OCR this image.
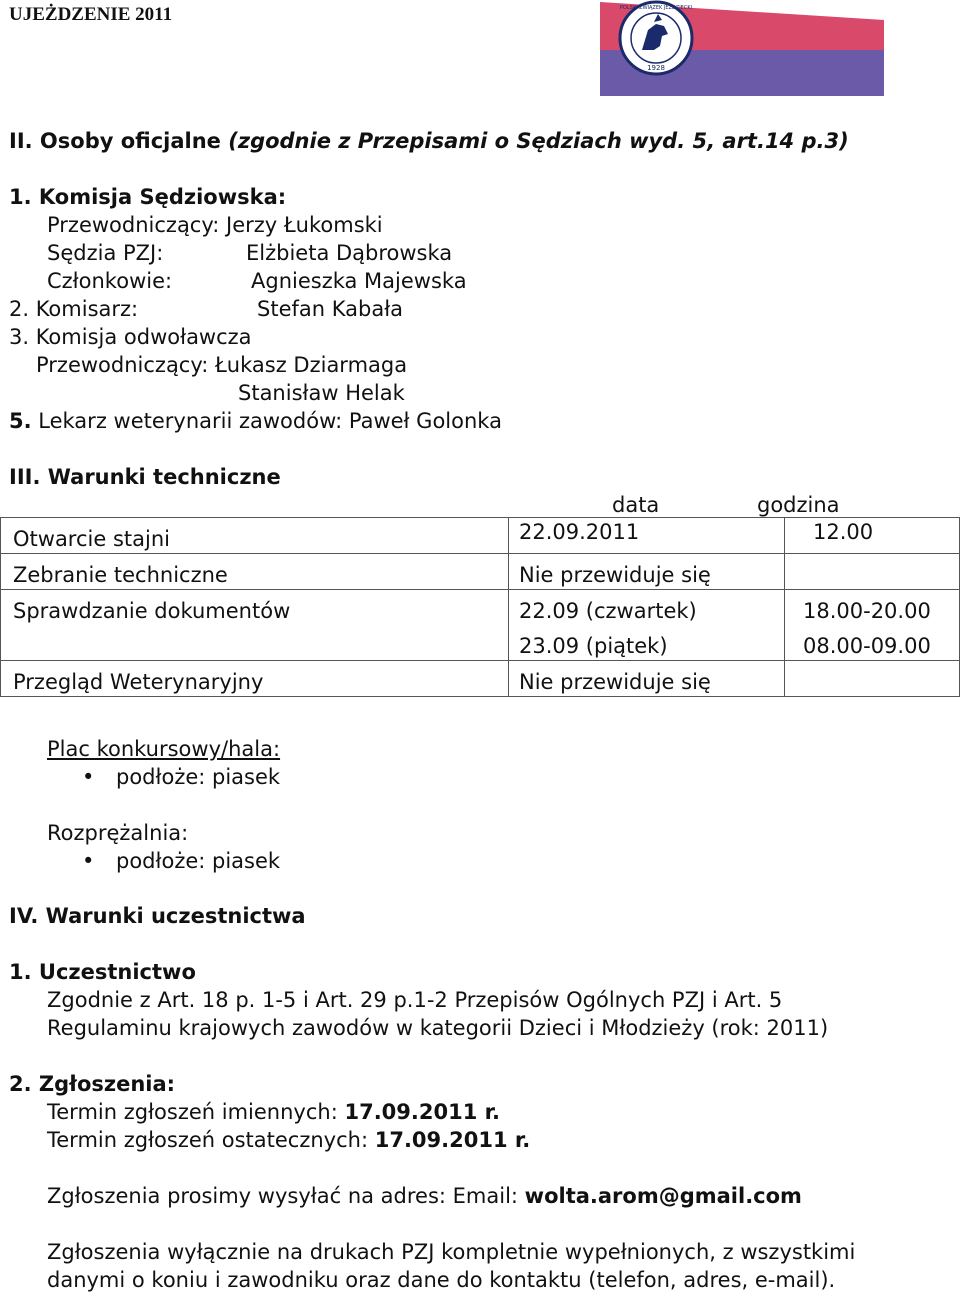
UJEŻDZENIE 2011
1928
POLSKI ZWIĄZEK JEŹDZIECKI
II. Osoby oficjalne (zgodnie z Przepisami o Sędziach wyd. 5, art.14 p.3)
1. Komisja Sędziowska:
Przewodniczący: Jerzy Łukomski
Sędzia PZJ:	Elżbieta Dąbrowska
Członkowie:	Agnieszka Majewska
2. Komisarz:	Stefan Kabała
3. Komisja odwoławcza
Przewodniczący: Łukasz Dziarmaga
Stanisław Helak
5. Lekarz weterynarii zawodów: Paweł Golonka
III. Warunki techniczne
data	godzina
Otwarcie stajni	22.09.2011	12.00
Zebranie techniczne	Nie przewiduje się	
Sprawdzanie dokumentów	22.09 (czwartek)	18.00-20.00
	23.09 (piątek)	08.00-09.00
Przegląd Weterynaryjny	Nie przewiduje się	
Plac konkursowy/hala:
• podłoże: piasek
Rozprężalnia:
• podłoże: piasek
IV. Warunki uczestnictwa
1. Uczestnictwo
Zgodnie z Art. 18 p. 1-5 i Art. 29 p.1-2 Przepisów Ogólnych PZJ i Art. 5
Regulaminu krajowych zawodów w kategorii Dzieci i Młodzieży (rok: 2011)
2. Zgłoszenia:
Termin zgłoszeń imiennych: 17.09.2011 r.
Termin zgłoszeń ostatecznych: 17.09.2011 r.
Zgłoszenia prosimy wysyłać na adres: Email: wolta.arom@gmail.com
Zgłoszenia wyłącznie na drukach PZJ kompletnie wypełnionych, z wszystkimi
danymi o koniu i zawodniku oraz dane do kontaktu (telefon, adres, e-mail).
